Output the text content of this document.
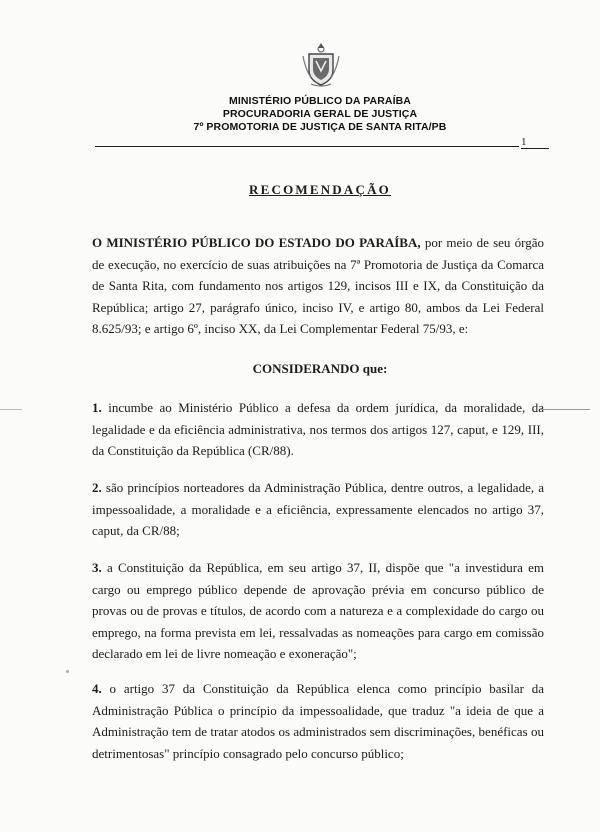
MINISTÉRIO PÚBLICO DA PARAÍBA
PROCURADORIA GERAL DE JUSTIÇA
7º PROMOTORIA DE JUSTIÇA DE SANTA RITA/PB
1
RECOMENDAÇÃO

O MINISTÉRIO PÚBLICO DO ESTADO DO PARAÍBA, por meio de seu órgão de execução, no exercício de suas atribuições na 7ª Promotoria de Justiça da Comarca de Santa Rita, com fundamento nos artigos 129, incisos III e IX, da Constituição da República; artigo 27, parágrafo único, inciso IV, e artigo 80, ambos da Lei Federal 8.625/93; e artigo 6º, inciso XX, da Lei Complementar Federal 75/93, e:

CONSIDERANDO que:

1. incumbe ao Ministério Público a defesa da ordem jurídica, da moralidade, da legalidade e da eficiência administrativa, nos termos dos artigos 127, caput, e 129, III, da Constituição da República (CR/88).

2. são princípios norteadores da Administração Pública, dentre outros, a legalidade, a impessoalidade, a moralidade e a eficiência, expressamente elencados no artigo 37, caput, da CR/88;

3. a Constituição da República, em seu artigo 37, II, dispõe que "a investidura em cargo ou emprego público depende de aprovação prévia em concurso público de provas ou de provas e títulos, de acordo com a natureza e a complexidade do cargo ou emprego, na forma prevista em lei, ressalvadas as nomeações para cargo em comissão declarado em lei de livre nomeação e exoneração";

4. o artigo 37 da Constituição da República elenca como princípio basilar da Administração Pública o princípio da impessoalidade, que traduz "a ideia de que a Administração tem de tratar atodos os administrados sem discriminações, benéficas ou detrimentosas" princípio consagrado pelo concurso público;
